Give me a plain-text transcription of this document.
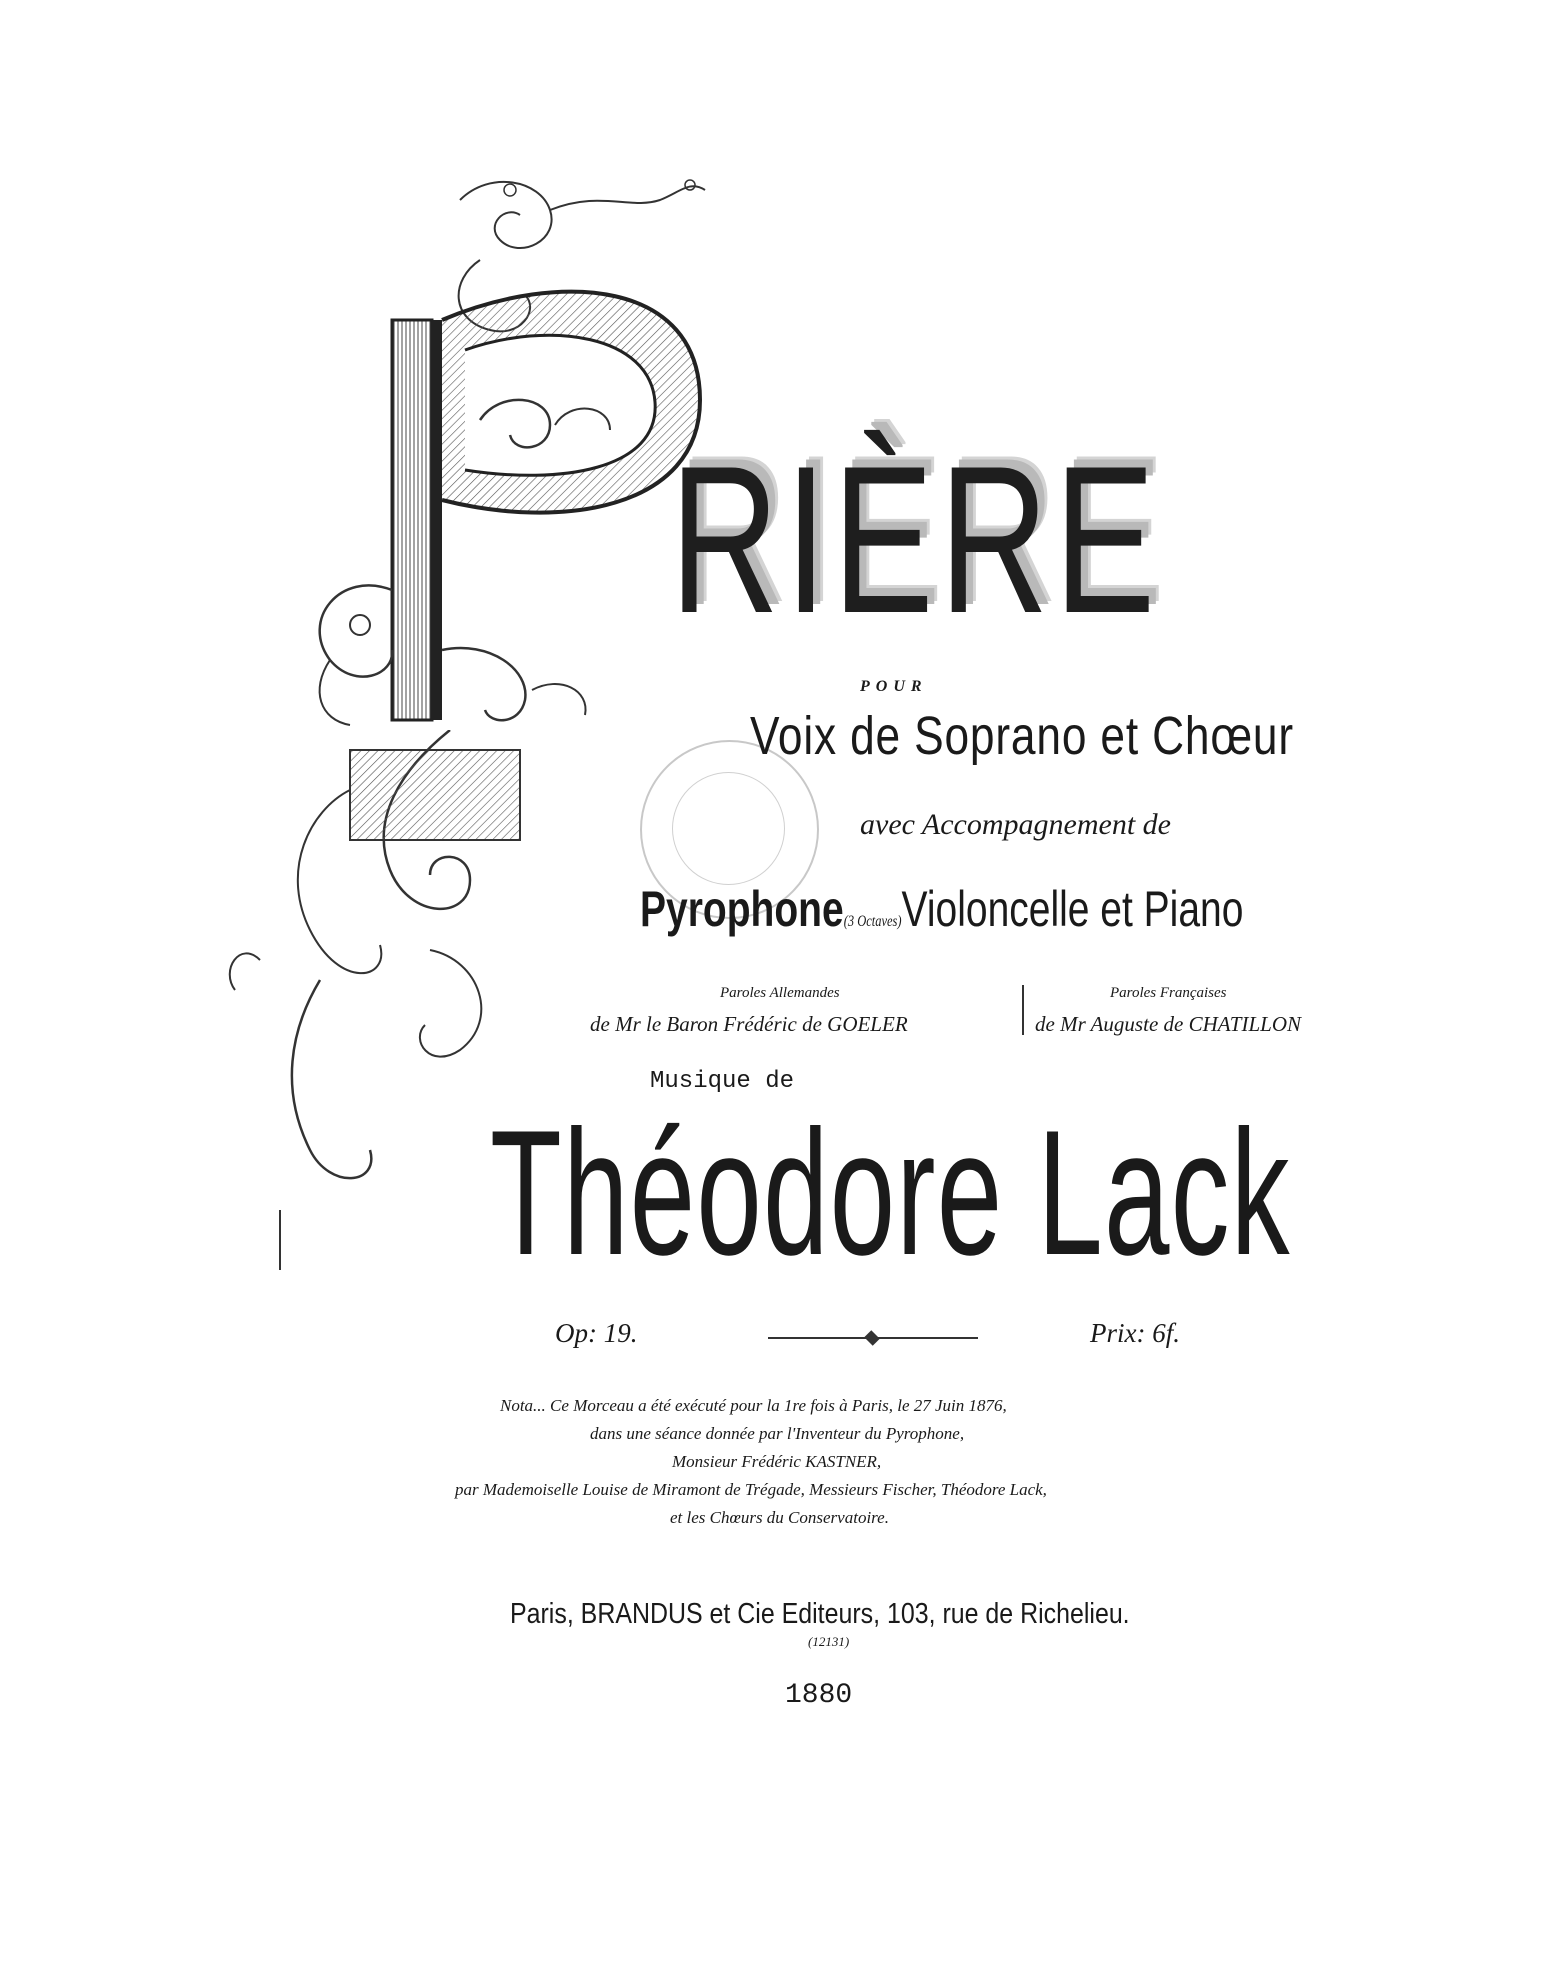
RIÈRE
POUR
Voix de Soprano et Chœur
avec Accompagnement de
Pyrophone(3 Octaves)Violoncelle et Piano
Paroles Allemandes
de Mr le Baron Frédéric de GOELER
Paroles Françaises
de Mr Auguste de CHATILLON
Musique de
Théodore Lack
Op: 19.	Prix: 6f.
Nota... Ce Morceau a été exécuté pour la 1re fois à Paris, le 27 Juin 1876,
dans une séance donnée par l'Inventeur du Pyrophone,
Monsieur Frédéric KASTNER,
par Mademoiselle Louise de Miramont de Trégade, Messieurs Fischer, Théodore Lack,
et les Chœurs du Conservatoire.
Paris, BRANDUS et Cie Editeurs, 103, rue de Richelieu.
(12131)
1880
